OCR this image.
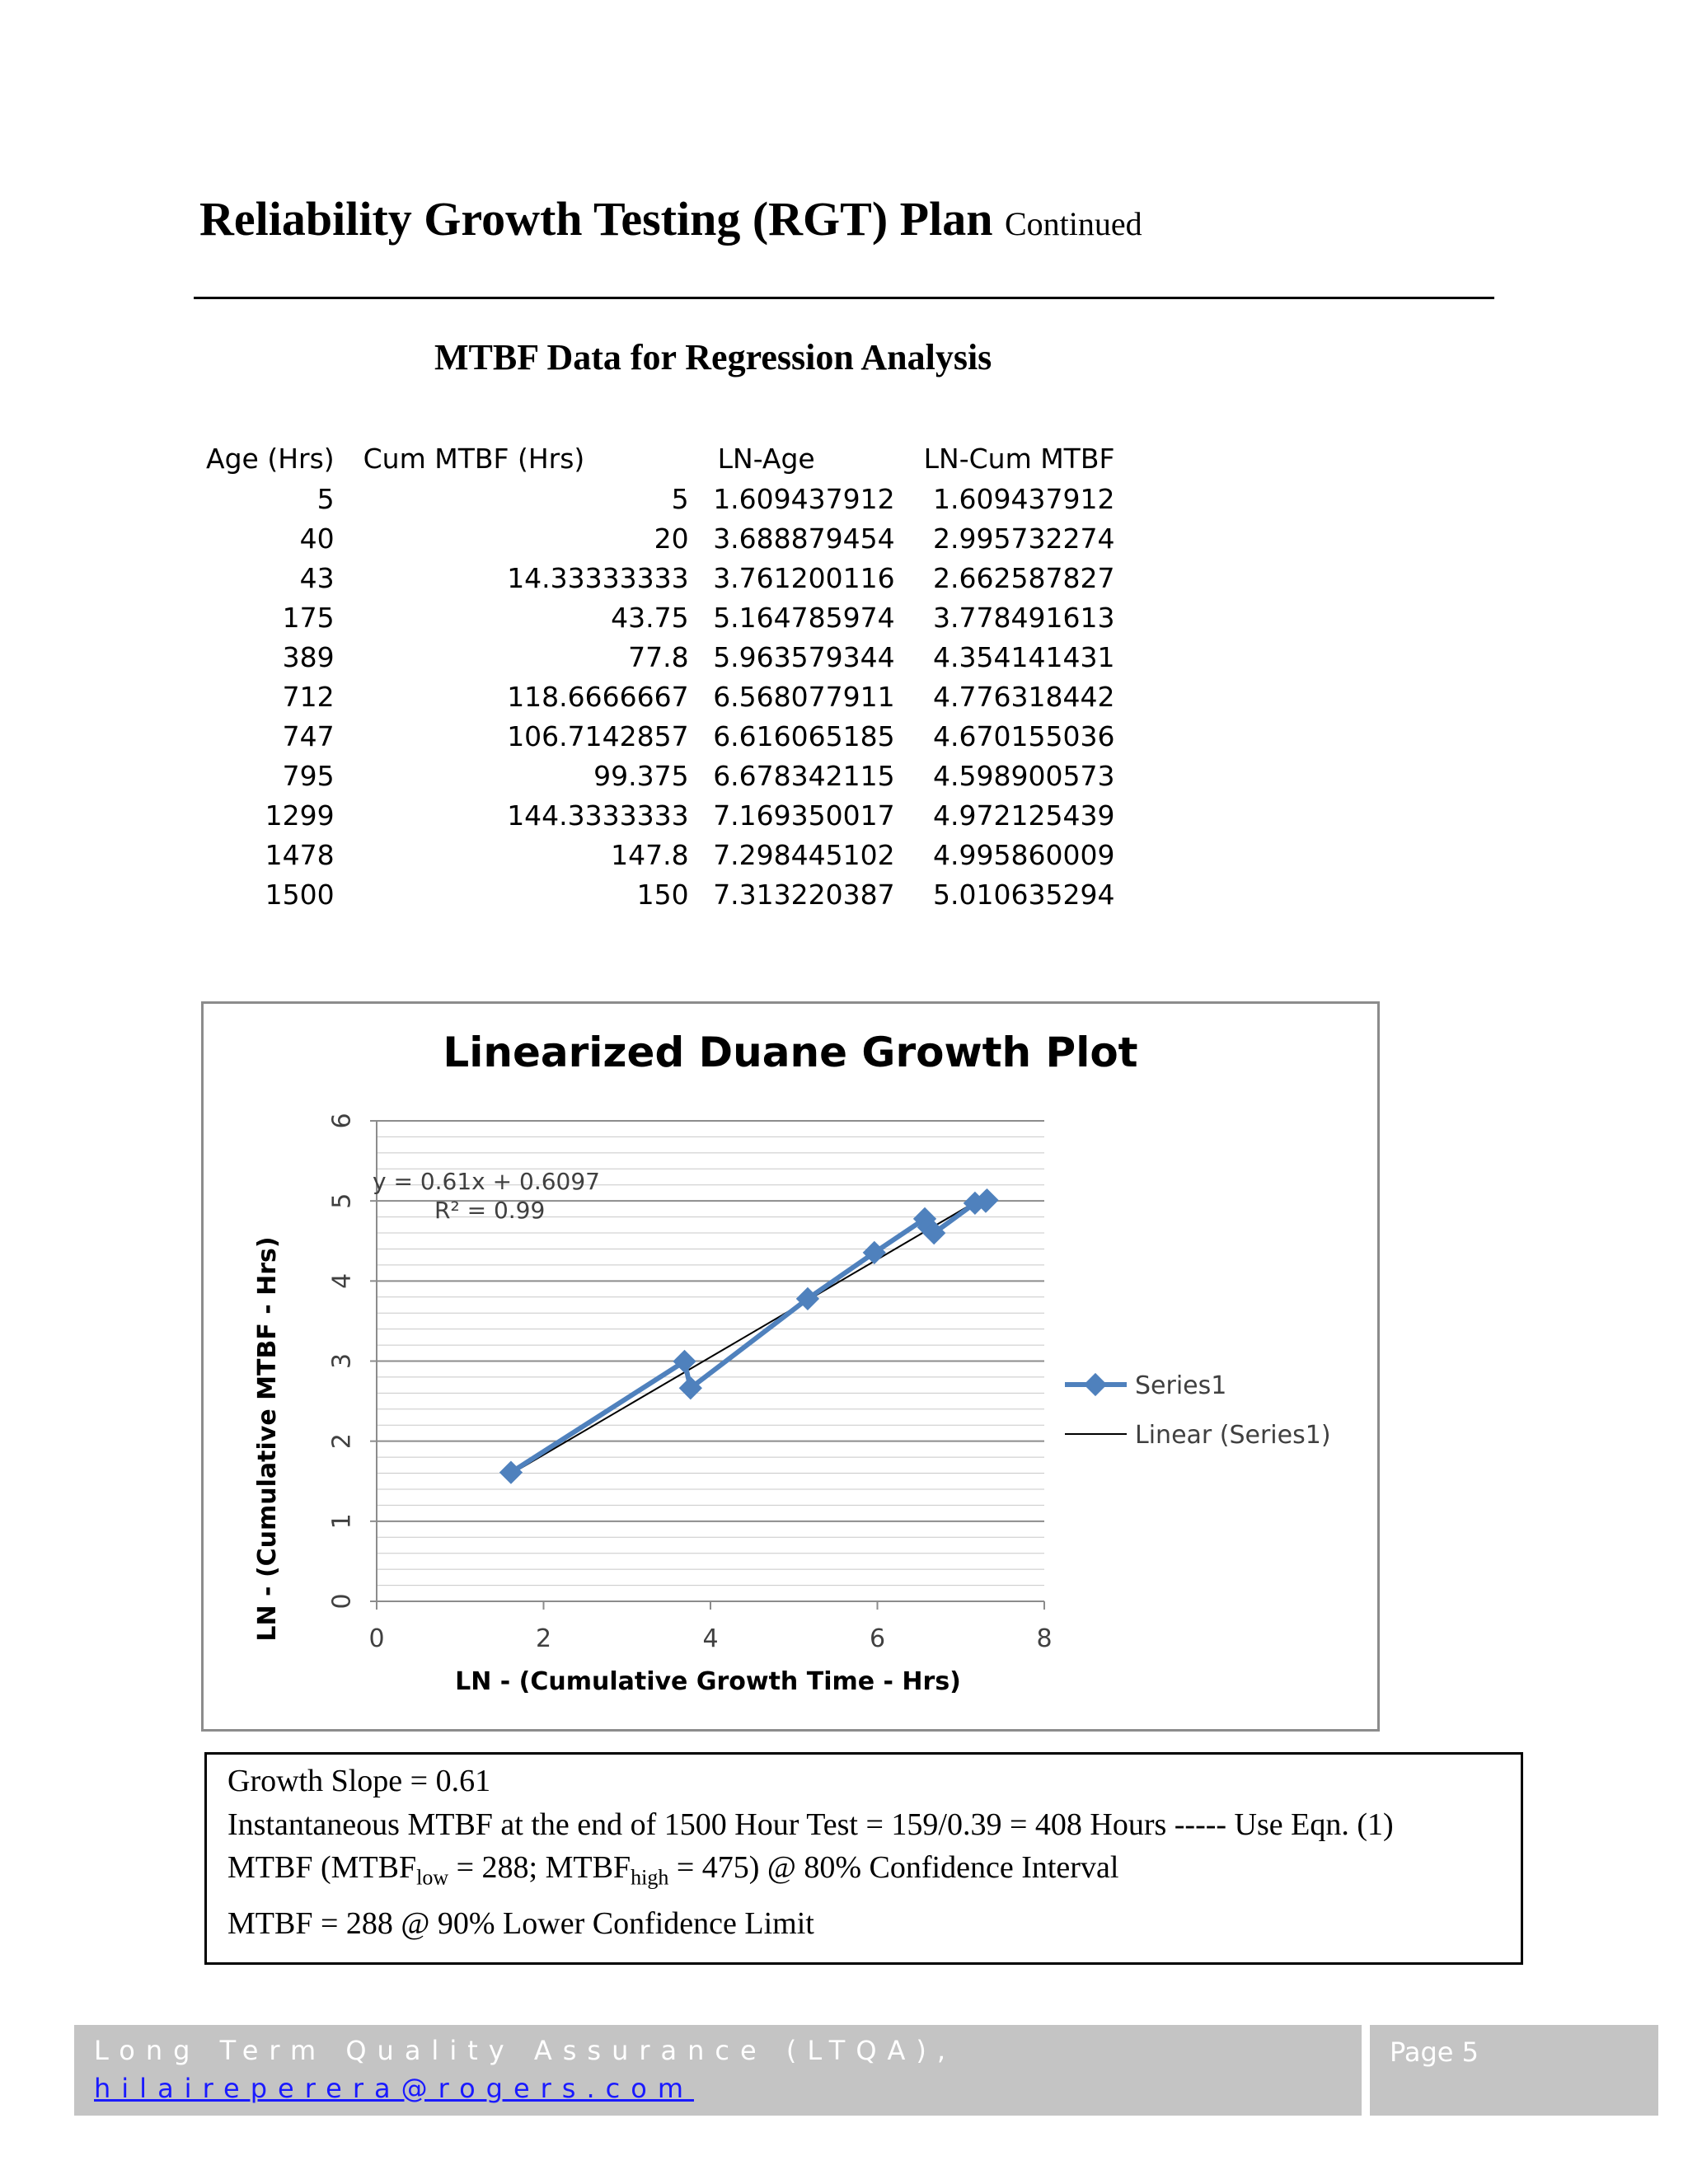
Reliability Growth Testing (RGT) Plan Continued
MTBF Data for Regression Analysis
Age (Hrs)	Cum MTBF (Hrs)	LN-Age	LN-Cum MTBF
5	5	1.609437912	1.609437912
40	20	3.688879454	2.995732274
43	14.33333333	3.761200116	2.662587827
175	43.75	5.164785974	3.778491613
389	77.8	5.963579344	4.354141431
712	118.6666667	6.568077911	4.776318442
747	106.7142857	6.616065185	4.670155036
795	99.375	6.678342115	4.598900573
1299	144.3333333	7.169350017	4.972125439
1478	147.8	7.298445102	4.995860009
1500	150	7.313220387	5.010635294
Linearized Duane Growth Plot
0
1
2
3
4
5
6
0	2	4	6	8
y = 0.61x + 0.6097
R² = 0.99
LN - (Cumulative Growth Time - Hrs)
LN - (Cumulative MTBF - Hrs)	Series1
Linear (Series1)
Growth Slope = 0.61
Instantaneous MTBF at the end of 1500 Hour Test = 159/0.39 = 408 Hours ----- Use Eqn. (1)
MTBF ($MTBF_{low} = 288$; $MTBF_{high} = 475$) @ 80% Confidence Interval
MTBF = 288 @ 90% Lower Confidence Limit
Long Term Quality Assurance (LTQA),
hilaireperera@rogers.com
Page 5
